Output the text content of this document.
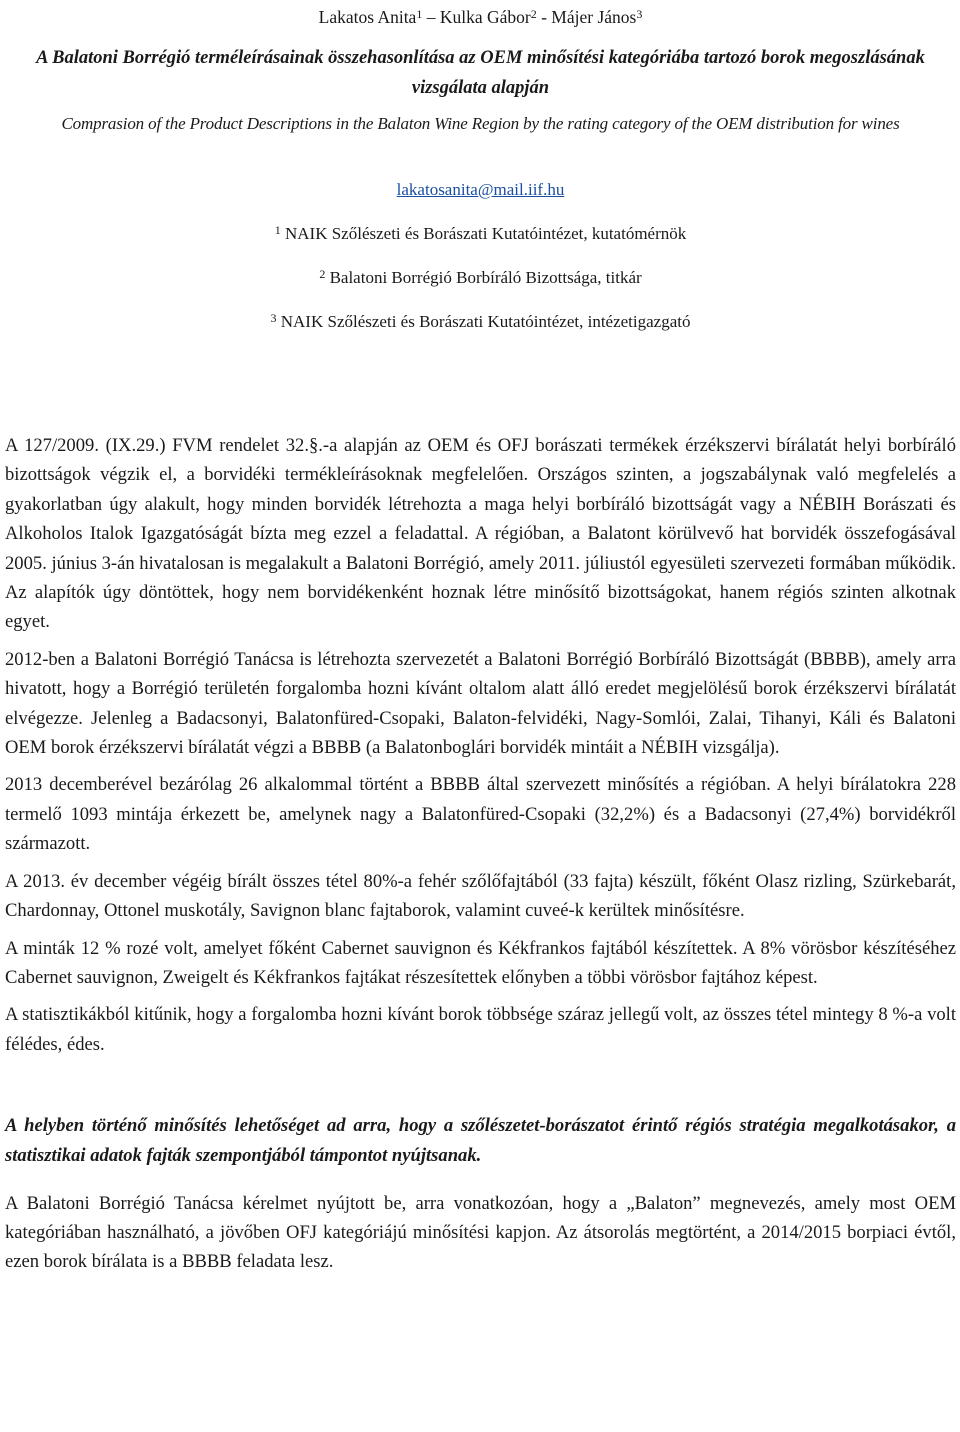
Lakatos Anita$^1$ – Kulka Gábor$^2$ - Májer János$^3$
A Balatoni Borrégió terméleírásainak összehasonlítása az OEM minősítési kategóriába tartozó borok megoszlásának vizsgálata alapján
Comprasion of the Product Descriptions in the Balaton Wine Region by the rating category of the OEM distribution for wines
lakatosanita@mail.iif.hu
$^1$ NAIK Szőlészeti és Borászati Kutatóintézet, kutatómérnök
$^2$ Balatoni Borrégió Borbíráló Bizottsága, titkár
$^3$ NAIK Szőlészeti és Borászati Kutatóintézet, intézetigazgató

A 127/2009. (IX.29.) FVM rendelet 32.§.-a alapján az OEM és OFJ borászati termékek érzékszervi bírálatát helyi borbíráló bizottságok végzik el, a borvidéki termékleírásoknak megfelelően. Országos szinten, a jogszabálynak való megfelelés a gyakorlatban úgy alakult, hogy minden borvidék létrehozta a maga helyi borbíráló bizottságát vagy a NÉBIH Borászati és Alkoholos Italok Igazgatóságát bízta meg ezzel a feladattal. A régióban, a Balatont körülvevő hat borvidék összefogásával 2005. június 3-án hivatalosan is megalakult a Balatoni Borrégió, amely 2011. júliustól egyesületi szervezeti formában működik. Az alapítók úgy döntöttek, hogy nem borvidékenként hoznak létre minősítő bizottságokat, hanem régiós szinten alkotnak egyet.

2012-ben a Balatoni Borrégió Tanácsa is létrehozta szervezetét a Balatoni Borrégió Borbíráló Bizottságát (BBBB), amely arra hivatott, hogy a Borrégió területén forgalomba hozni kívánt oltalom alatt álló eredet megjelölésű borok érzékszervi bírálatát elvégezze. Jelenleg a Badacsonyi, Balatonfüred-Csopaki, Balaton-felvidéki, Nagy-Somlói, Zalai, Tihanyi, Káli és Balatoni OEM borok érzékszervi bírálatát végzi a BBBB (a Balatonboglári borvidék mintáit a NÉBIH vizsgálja).

2013 decemberével bezárólag 26 alkalommal történt a BBBB által szervezett minősítés a régióban. A helyi bírálatokra 228 termelő 1093 mintája érkezett be, amelynek nagy a Balatonfüred-Csopaki (32,2%) és a Badacsonyi (27,4%) borvidékről származott.

A 2013. év december végéig bírált összes tétel 80%-a fehér szőlőfajtából (33 fajta) készült, főként Olasz rizling, Szürkebarát, Chardonnay, Ottonel muskotály, Savignon blanc fajtaborok, valamint cuveé-k kerültek minősítésre.

A minták 12 % rozé volt, amelyet főként Cabernet sauvignon és Kékfrankos fajtából készítettek. A 8% vörösbor készítéséhez Cabernet sauvignon, Zweigelt és Kékfrankos fajtákat részesítettek előnyben a többi vörösbor fajtához képest.

A statisztikákból kitűnik, hogy a forgalomba hozni kívánt borok többsége száraz jellegű volt, az összes tétel mintegy 8 %-a volt félédes, édes.

A helyben történő minősítés lehetőséget ad arra, hogy a szőlészetet-borászatot érintő régiós stratégia megalkotásakor, a statisztikai adatok fajták szempontjából támpontot nyújtsanak.

A Balatoni Borrégió Tanácsa kérelmet nyújtott be, arra vonatkozóan, hogy a „Balaton” megnevezés, amely most OEM kategóriában használható, a jövőben OFJ kategóriájú minősítési kapjon. Az átsorolás megtörtént, a 2014/2015 borpiaci évtől, ezen borok bírálata is a BBBB feladata lesz.
